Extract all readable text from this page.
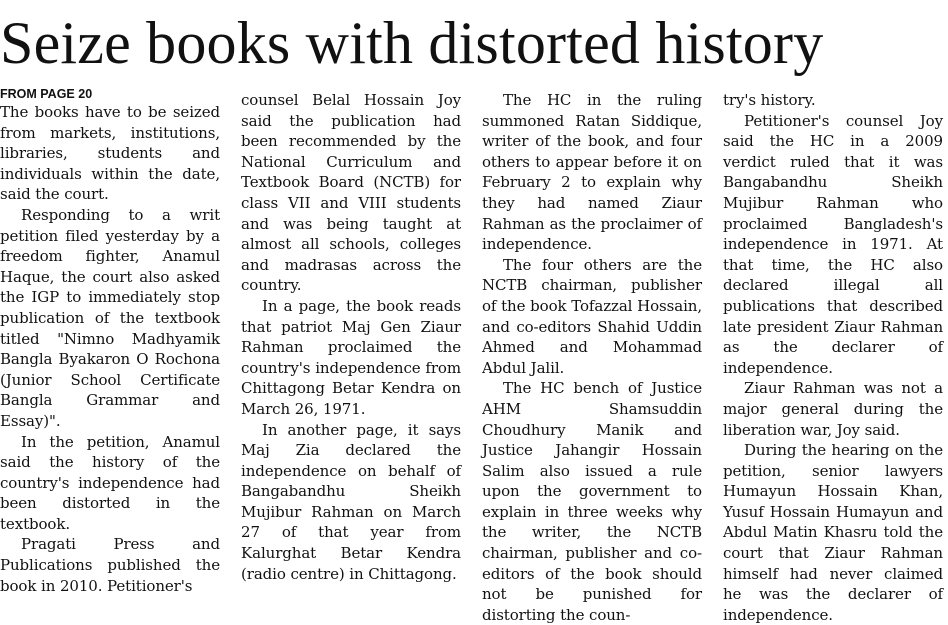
Seize books with distorted history
FROM PAGE 20

The books have to be seized from markets, institutions, libraries, students and individuals within the date, said the court.

Responding to a writ petition filed yesterday by a freedom fighter, Anamul Haque, the court also asked the IGP to immediately stop publication of the textbook titled "Nimno Madhyamik Bangla Byakaron O Rochona (Junior School Certificate Bangla Grammar and Essay)".

In the petition, Anamul said the history of the country's independence had been distorted in the textbook.

Pragati Press and Publications published the book in 2010. Petitioner's

counsel Belal Hossain Joy said the publication had been recommended by the National Curriculum and Textbook Board (NCTB) for class VII and VIII students and was being taught at almost all schools, colleges and madrasas across the country.

In a page, the book reads that patriot Maj Gen Ziaur Rahman proclaimed the country's independence from Chittagong Betar Kendra on March 26, 1971.

In another page, it says Maj Zia declared the independence on behalf of Bangabandhu Sheikh Mujibur Rahman on March 27 of that year from Kalurghat Betar Kendra (radio centre) in Chittagong.

The HC in the ruling summoned Ratan Siddique, writer of the book, and four others to appear before it on February 2 to explain why they had named Ziaur Rahman as the proclaimer of independence.

The four others are the NCTB chairman, publisher of the book Tofazzal Hossain, and co-editors Shahid Uddin Ahmed and Mohammad Abdul Jalil.

The HC bench of Justice AHM Shamsuddin Choudhury Manik and Justice Jahangir Hossain Salim also issued a rule upon the government to explain in three weeks why the writer, the NCTB chairman, publisher and co-editors of the book should not be punished for distorting the coun-

try's history.

Petitioner's counsel Joy said the HC in a 2009 verdict ruled that it was Bangabandhu Sheikh Mujibur Rahman who proclaimed Bangladesh's independence in 1971. At that time, the HC also declared illegal all publications that described late president Ziaur Rahman as the declarer of independence.

Ziaur Rahman was not a major general during the liberation war, Joy said.

During the hearing on the petition, senior lawyers Humayun Hossain Khan, Yusuf Hossain Humayun and Abdul Matin Khasru told the court that Ziaur Rahman himself had never claimed he was the declarer of independence.
